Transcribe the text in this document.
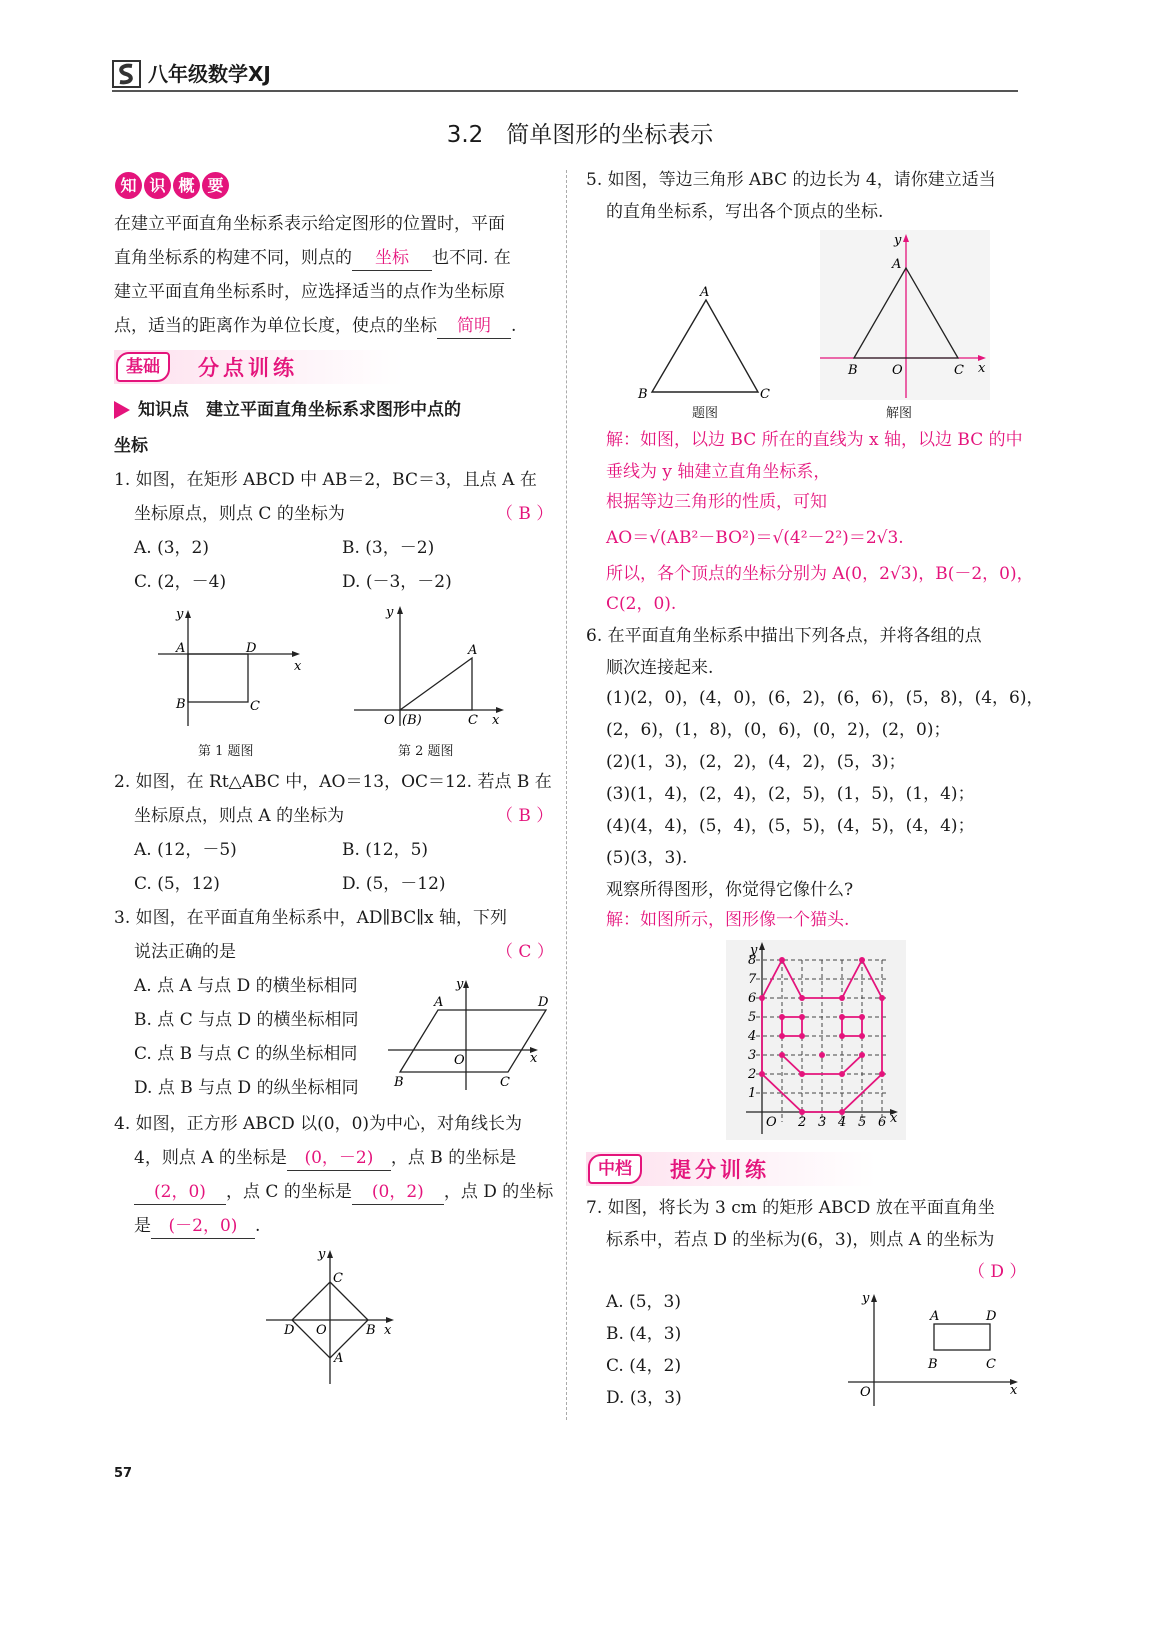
八年级数学XJ
3.2　简单图形的坐标表示
知 识 概 要
在建立平面直角坐标系表示给定图形的位置时，平面
直角坐标系的构建不同，则点的 坐标 也不同. 在
建立平面直角坐标系时，应选择适当的点作为坐标原
点，适当的距离作为单位长度，使点的坐标 简明 .
基础	分点训练
知识点　建立平面直角坐标系求图形中点的
坐标
1. 如图，在矩形 ABCD 中 AB＝2，BC＝3，且点 A 在
坐标原点，则点 C 的坐标为	（ B ）
A. (3，2)	B. (3，－2)
C. (2，－4)	D. (－3，－2)
y
x
A	D
B	C
第 1 题图
y
x
A
C
O (B)
第 2 题图
2. 如图，在 Rt△ABC 中，AO＝13，OC＝12. 若点 B 在
坐标原点，则点 A 的坐标为	（ B ）
A. (12，－5)	B. (12，5)
C. (5，12)	D. (5，－12)
3. 如图，在平面直角坐标系中，AD∥BC∥x 轴，下列
说法正确的是	（ C ）
A. 点 A 与点 D 的横坐标相同
B. 点 C 与点 D 的横坐标相同
C. 点 B 与点 C 的纵坐标相同
D. 点 B 与点 D 的纵坐标相同
y
x
A	D
B	C
O
4. 如图，正方形 ABCD 以(0，0)为中心，对角线长为
4，则点 A 的坐标是 (0，－2) ，点 B 的坐标是
(2，0) ，点 C 的坐标是 (0，2) ，点 D 的坐标
是 (－2，0) .
y
x
C
B
A
D O
5. 如图，等边三角形 ABC 的边长为 4，请你建立适当
的直角坐标系，写出各个顶点的坐标.
A
B	C
题图
y
x
A
B	C
O
解图
解：如图，以边 BC 所在的直线为 x 轴，以边 BC 的中
垂线为 y 轴建立直角坐标系，
根据等边三角形的性质，可知
AO＝√(AB²－BO²)＝√(4²－2²)＝2√3.
所以，各个顶点的坐标分别为 A(0，2√3)，B(－2，0)，
C(2，0).
6. 在平面直角坐标系中描出下列各点，并将各组的点
顺次连接起来.
(1)(2，0)，(4，0)，(6，2)，(6，6)，(5，8)，(4，6)，
(2，6)，(1，8)，(0，6)，(0，2)，(2，0)；
(2)(1，3)，(2，2)，(4，2)，(5，3)；
(3)(1，4)，(2，4)，(2，5)，(1，5)，(1，4)；
(4)(4，4)，(5，4)，(5，5)，(4，5)，(4，4)；
(5)(3，3).
观察所得图形，你觉得它像什么?
解：如图所示，图形像一个猫头.
8
7
6
5
4
3
2
1
2 3 4 5 6
O
y
x
中档	提分训练
7. 如图，将长为 3 cm 的矩形 ABCD 放在平面直角坐
标系中，若点 D 的坐标为(6，3)，则点 A 的坐标为
（ D ）
A. (5，3)
B. (4，3)
C. (4，2)
D. (3，3)
y
x
O
A	D
B	C
57
